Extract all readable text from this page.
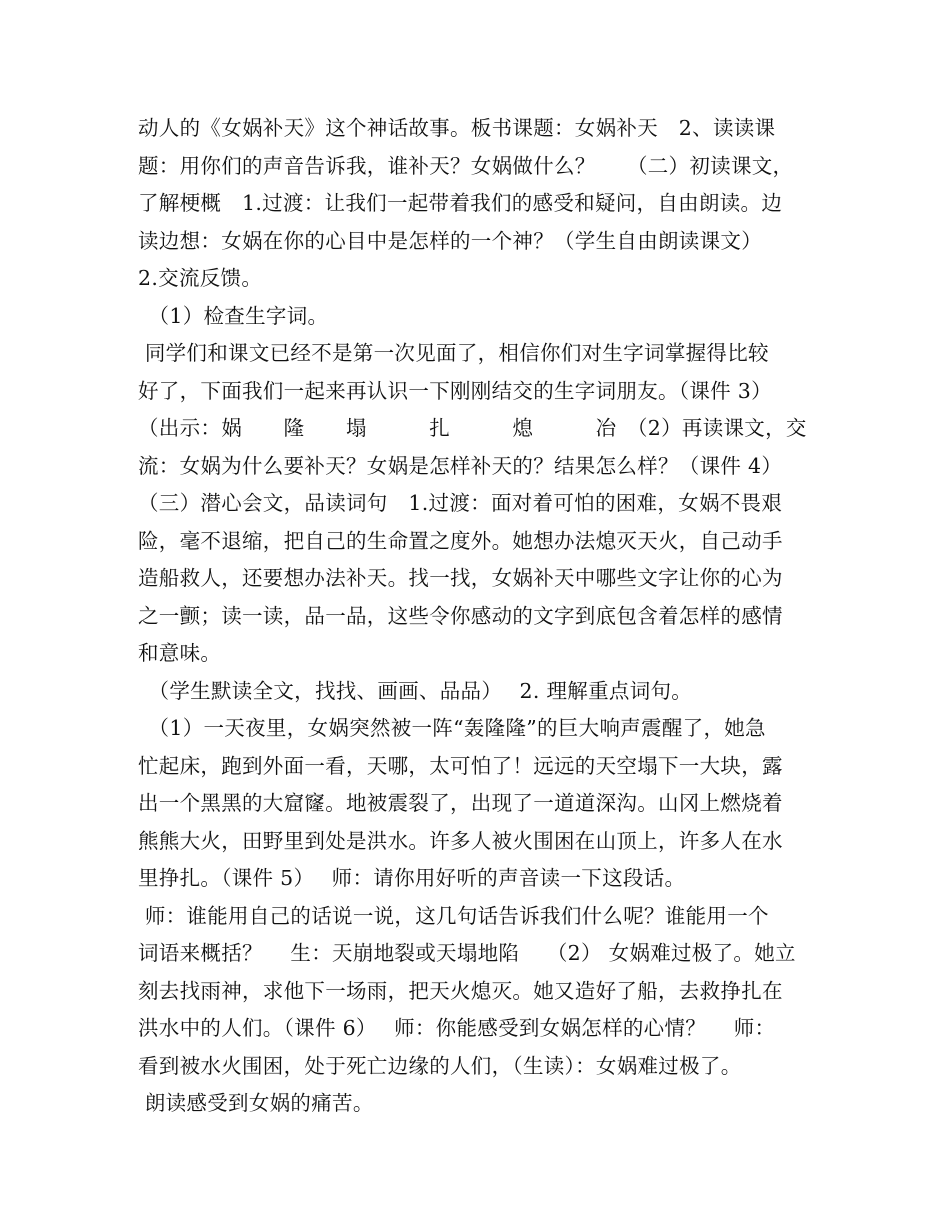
动人的《女娲补天》这个神话故事。板书课题：女娲补天　2、读读课
题：用你们的声音告诉我，谁补天？女娲做什么？　　（二）初读课文，
了解梗概　1.过渡：让我们一起带着我们的感受和疑问，自由朗读。边
读边想：女娲在你的心目中是怎样的一个神？（学生自由朗读课文）
2.交流反馈。
　（1）检查生字词。
同学们和课文已经不是第一次见面了，相信你们对生字词掌握得比较
好了，下面我们一起来再认识一下刚刚结交的生字词朋友。（课件 3）
（出示：娲　　隆　　塌　　　扎　　　熄　　　冶　（2）再读课文，交
流：女娲为什么要补天？女娲是怎样补天的？结果怎么样？（课件 4）
（三）潜心会文，品读词句　1.过渡：面对着可怕的困难，女娲不畏艰
险，毫不退缩，把自己的生命置之度外。她想办法熄灭天火，自己动手
造船救人，还要想办法补天。找一找，女娲补天中哪些文字让你的心为
之一颤；读一读，品一品，这些令你感动的文字到底包含着怎样的感情
和意味。
　（学生默读全文，找找、画画、品品）　 2. 理解重点词句。
　（1）一天夜里，女娲突然被一阵“轰隆隆”的巨大响声震醒了，她急
忙起床，跑到外面一看，天哪，太可怕了！远远的天空塌下一大块，露
出一个黑黑的大窟窿。地被震裂了，出现了一道道深沟。山冈上燃烧着
熊熊大火，田野里到处是洪水。许多人被火围困在山顶上，许多人在水
里挣扎。（课件 5）　 师：请你用好听的声音读一下这段话。
师：谁能用自己的话说一说，这几句话告诉我们什么呢？谁能用一个
词语来概括？　 生：天崩地裂或天塌地陷　 （2） 女娲难过极了。她立
刻去找雨神，求他下一场雨，把天火熄灭。她又造好了船，去救挣扎在
洪水中的人们。（课件 6）　 师：你能感受到女娲怎样的心情？　 师：
看到被水火围困，处于死亡边缘的人们，（生读）：女娲难过极了。
朗读感受到女娲的痛苦。
